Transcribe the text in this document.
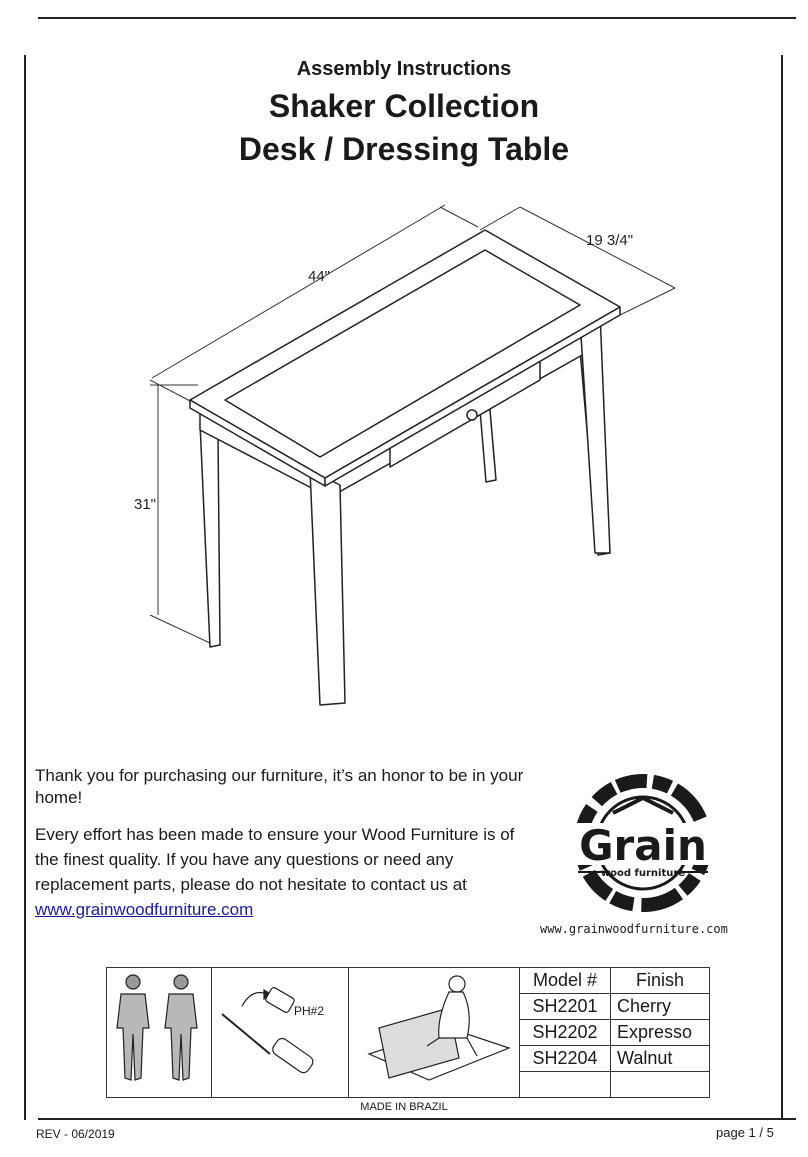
Assembly Instructions
Shaker Collection
Desk / Dressing Table
44"
19 3/4"
31"
Thank you for purchasing our furniture, it’s an honor to be in your home!
Every effort has been made to ensure your Wood Furniture is of the finest quality. If you have any questions or need any replacement parts, please do not hesitate to contact us at www.grainwoodfurniture.com
Grain
wood furniture
www.grainwoodfurniture.com

PH#2		Model #	Finish
			SH2201	Cherry
			SH2202	Expresso
			SH2204	Walnut

MADE IN BRAZIL
REV - 06/2019	page 1 / 5
